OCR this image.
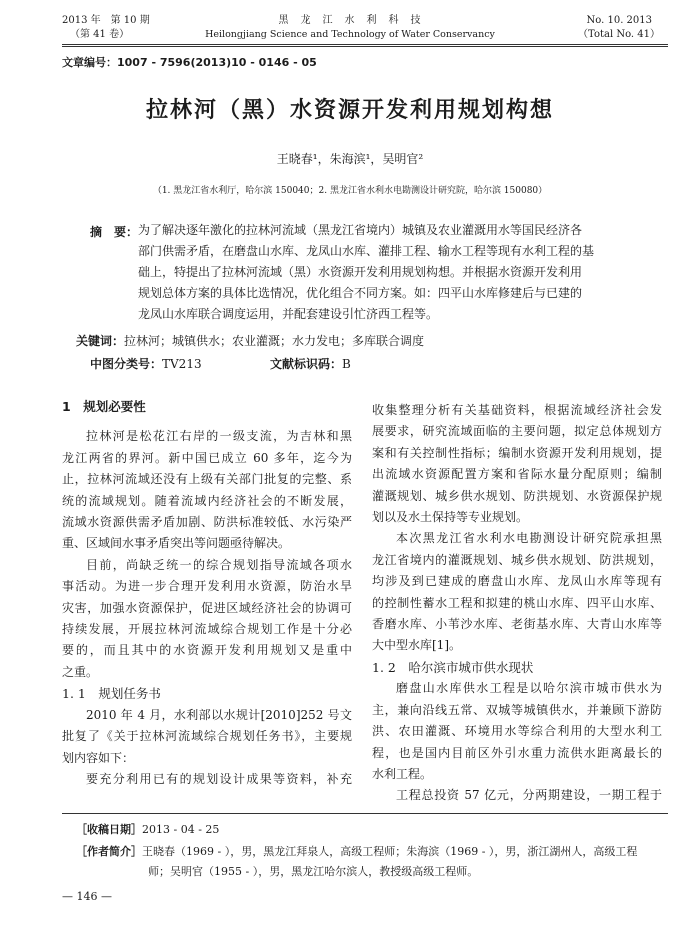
2013 年　第 10 期
（第 41 卷）
黑　龙　江　水　利　科　技
Heilongjiang Science and Technology of Water Conservancy
No. 10. 2013
（Total No. 41）
文章编号：1007 - 7596(2013)10 - 0146 - 05
拉林河（黑）水资源开发利用规划构想
王晓春¹，朱海滨¹，吴明官²
（1. 黑龙江省水利厅，哈尔滨 150040；2. 黑龙江省水利水电勘测设计研究院，哈尔滨 150080）
摘　要： 为了解决逐年激化的拉林河流域（黑龙江省境内）城镇及农业灌溉用水等国民经济各
部门供需矛盾，在磨盘山水库、龙凤山水库、灌排工程、输水工程等现有水利工程的基
础上，特提出了拉林河流域（黑）水资源开发利用规划构想。并根据水资源开发利用
规划总体方案的具体比选情况，优化组合不同方案。如：四平山水库修建后与已建的
龙凤山水库联合调度运用，并配套建设引忙济西工程等。
关键词：拉林河；城镇供水；农业灌溉；水力发电；多库联合调度
中图分类号：TV213	文献标识码：B
1　规划必要性
拉林河是松花江右岸的一级支流，为吉林和黑
龙江两省的界河。新中国已成立 60 多年，迄今为
止，拉林河流域还没有上级有关部门批复的完整、系
统的流域规划。随着流域内经济社会的不断发展，
流域水资源供需矛盾加剧、防洪标准较低、水污染严
重、区域间水事矛盾突出等问题亟待解决。
目前，尚缺乏统一的综合规划指导流域各项水
事活动。为进一步合理开发利用水资源，防治水旱
灾害，加强水资源保护，促进区域经济社会的协调可
持续发展，开展拉林河流域综合规划工作是十分必
要的，而且其中的水资源开发利用规划又是重中
之重。
1. 1　规划任务书
2010 年 4 月，水利部以水规计[2010]252 号文
批复了《关于拉林河流域综合规划任务书》，主要规
划内容如下：
要充分利用已有的规划设计成果等资料，补充
收集整理分析有关基础资料，根据流域经济社会发
展要求，研究流域面临的主要问题，拟定总体规划方
案和有关控制性指标；编制水资源开发利用规划，提
出流域水资源配置方案和省际水量分配原则；编制
灌溉规划、城乡供水规划、防洪规划、水资源保护规
划以及水土保持等专业规划。
本次黑龙江省水利水电勘测设计研究院承担黑
龙江省境内的灌溉规划、城乡供水规划、防洪规划，
均涉及到已建成的磨盘山水库、龙凤山水库等现有
的控制性蓄水工程和拟建的桃山水库、四平山水库、
香磨水库、小苇沙水库、老街基水库、大青山水库等
大中型水库[1]。
1. 2　哈尔滨市城市供水现状
磨盘山水库供水工程是以哈尔滨市城市供水为
主，兼向沿线五常、双城等城镇供水，并兼顾下游防
洪、农田灌溉、环境用水等综合利用的大型水利工
程，也是国内目前区外引水重力流供水距离最长的
水利工程。
工程总投资 57 亿元，分两期建设，一期工程于
［收稿日期］2013 - 04 - 25
［作者简介］王晓春（1969 - ），男，黑龙江拜泉人，高级工程师；朱海滨（1969 - ），男，浙江湖州人，高级工程
师；吴明官（1955 - ），男，黑龙江哈尔滨人，教授级高级工程师。
— 146 —
